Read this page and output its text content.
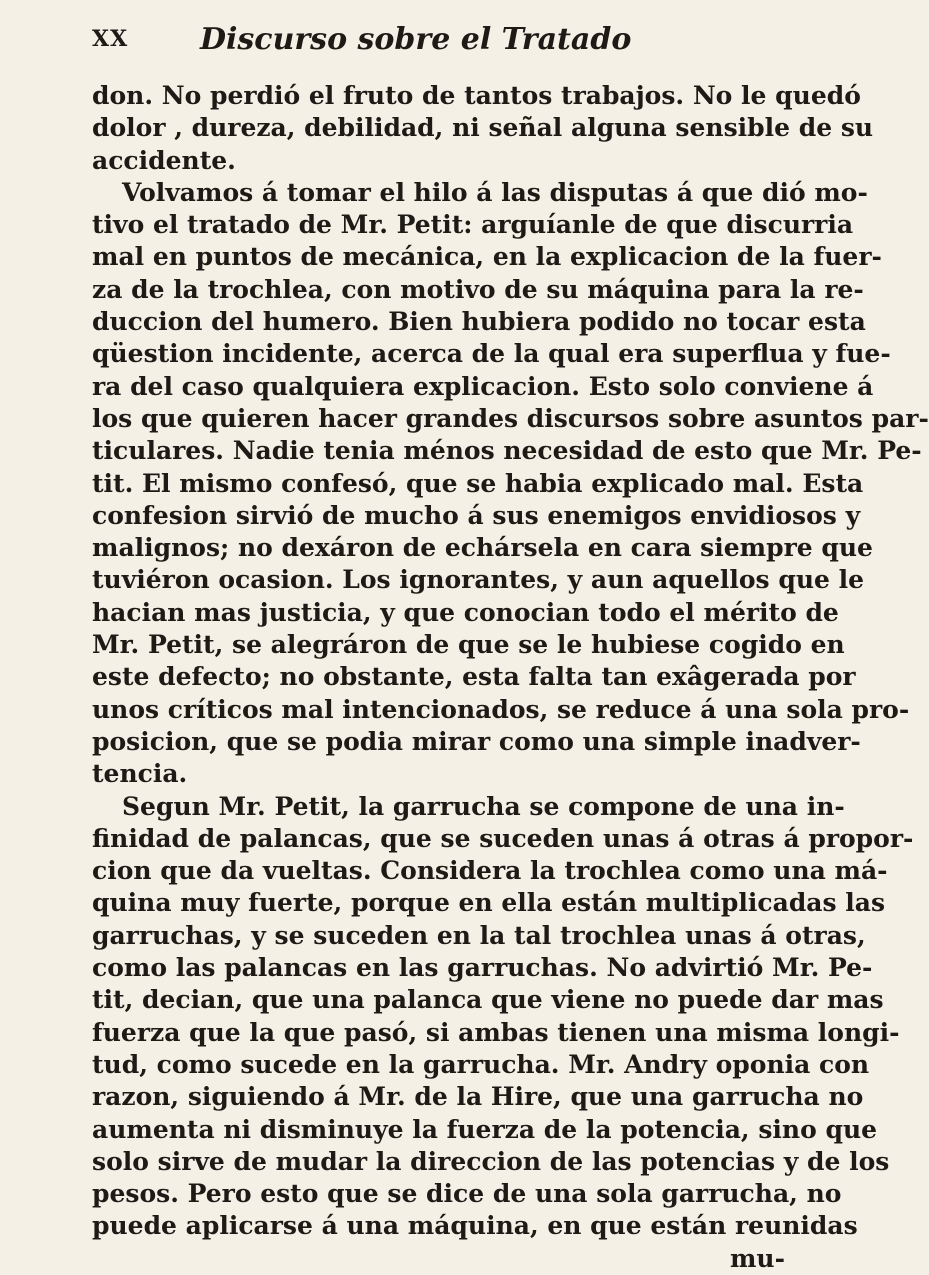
XX Discurso sobre el Tratado
don. No perdió el fruto de tantos trabajos. No le quedó
dolor , dureza, debilidad, ni señal alguna sensible de su
accidente.
Volvamos á tomar el hilo á las disputas á que dió mo-
tivo el tratado de Mr. Petit: arguíanle de que discurria
mal en puntos de mecánica, en la explicacion de la fuer-
za de la trochlea, con motivo de su máquina para la re-
duccion del humero. Bien hubiera podido no tocar esta
qüestion incidente, acerca de la qual era superflua y fue-
ra del caso qualquiera explicacion. Esto solo conviene á
los que quieren hacer grandes discursos sobre asuntos par-
ticulares. Nadie tenia ménos necesidad de esto que Mr. Pe-
tit. El mismo confesó, que se habia explicado mal. Esta
confesion sirvió de mucho á sus enemigos envidiosos y
malignos; no dexáron de echársela en cara siempre que
tuviéron ocasion. Los ignorantes, y aun aquellos que le
hacian mas justicia, y que conocian todo el mérito de
Mr. Petit, se alegráron de que se le hubiese cogido en
este defecto; no obstante, esta falta tan exâgerada por
unos críticos mal intencionados, se reduce á una sola pro-
posicion, que se podia mirar como una simple inadver-
tencia.
Segun Mr. Petit, la garrucha se compone de una in-
finidad de palancas, que se suceden unas á otras á propor-
cion que da vueltas. Considera la trochlea como una má-
quina muy fuerte, porque en ella están multiplicadas las
garruchas, y se suceden en la tal trochlea unas á otras,
como las palancas en las garruchas. No advirtió Mr. Pe-
tit, decian, que una palanca que viene no puede dar mas
fuerza que la que pasó, si ambas tienen una misma longi-
tud, como sucede en la garrucha. Mr. Andry oponia con
razon, siguiendo á Mr. de la Hire, que una garrucha no
aumenta ni disminuye la fuerza de la potencia, sino que
solo sirve de mudar la direccion de las potencias y de los
pesos. Pero esto que se dice de una sola garrucha, no
puede aplicarse á una máquina, en que están reunidas
mu-
